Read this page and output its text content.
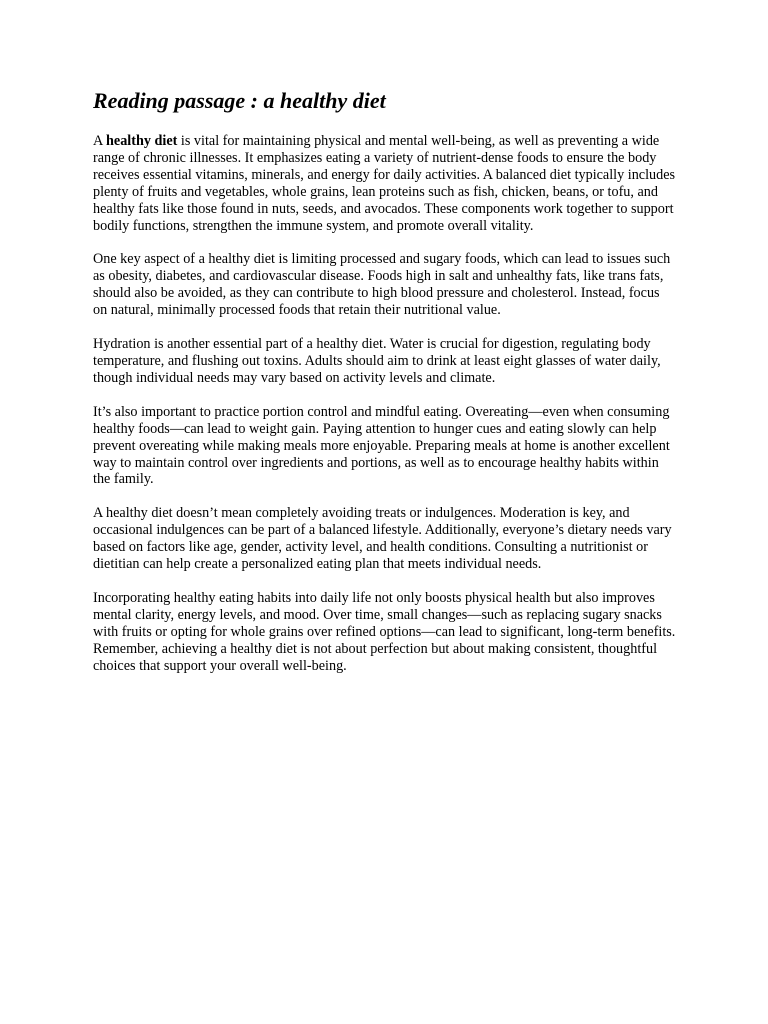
Reading passage : a healthy diet

A healthy diet is vital for maintaining physical and mental well-being, as well as preventing a wide range of chronic illnesses. It emphasizes eating a variety of nutrient-dense foods to ensure the body receives essential vitamins, minerals, and energy for daily activities. A balanced diet typically includes plenty of fruits and vegetables, whole grains, lean proteins such as fish, chicken, beans, or tofu, and healthy fats like those found in nuts, seeds, and avocados. These components work together to support bodily functions, strengthen the immune system, and promote overall vitality.

One key aspect of a healthy diet is limiting processed and sugary foods, which can lead to issues such as obesity, diabetes, and cardiovascular disease. Foods high in salt and unhealthy fats, like trans fats, should also be avoided, as they can contribute to high blood pressure and cholesterol. Instead, focus on natural, minimally processed foods that retain their nutritional value.

Hydration is another essential part of a healthy diet. Water is crucial for digestion, regulating body temperature, and flushing out toxins. Adults should aim to drink at least eight glasses of water daily, though individual needs may vary based on activity levels and climate.

It’s also important to practice portion control and mindful eating. Overeating—even when consuming healthy foods—can lead to weight gain. Paying attention to hunger cues and eating slowly can help prevent overeating while making meals more enjoyable. Preparing meals at home is another excellent way to maintain control over ingredients and portions, as well as to encourage healthy habits within the family.

A healthy diet doesn’t mean completely avoiding treats or indulgences. Moderation is key, and occasional indulgences can be part of a balanced lifestyle. Additionally, everyone’s dietary needs vary based on factors like age, gender, activity level, and health conditions. Consulting a nutritionist or dietitian can help create a personalized eating plan that meets individual needs.

Incorporating healthy eating habits into daily life not only boosts physical health but also improves mental clarity, energy levels, and mood. Over time, small changes—such as replacing sugary snacks with fruits or opting for whole grains over refined options—can lead to significant, long-term benefits. Remember, achieving a healthy diet is not about perfection but about making consistent, thoughtful choices that support your overall well-being.
